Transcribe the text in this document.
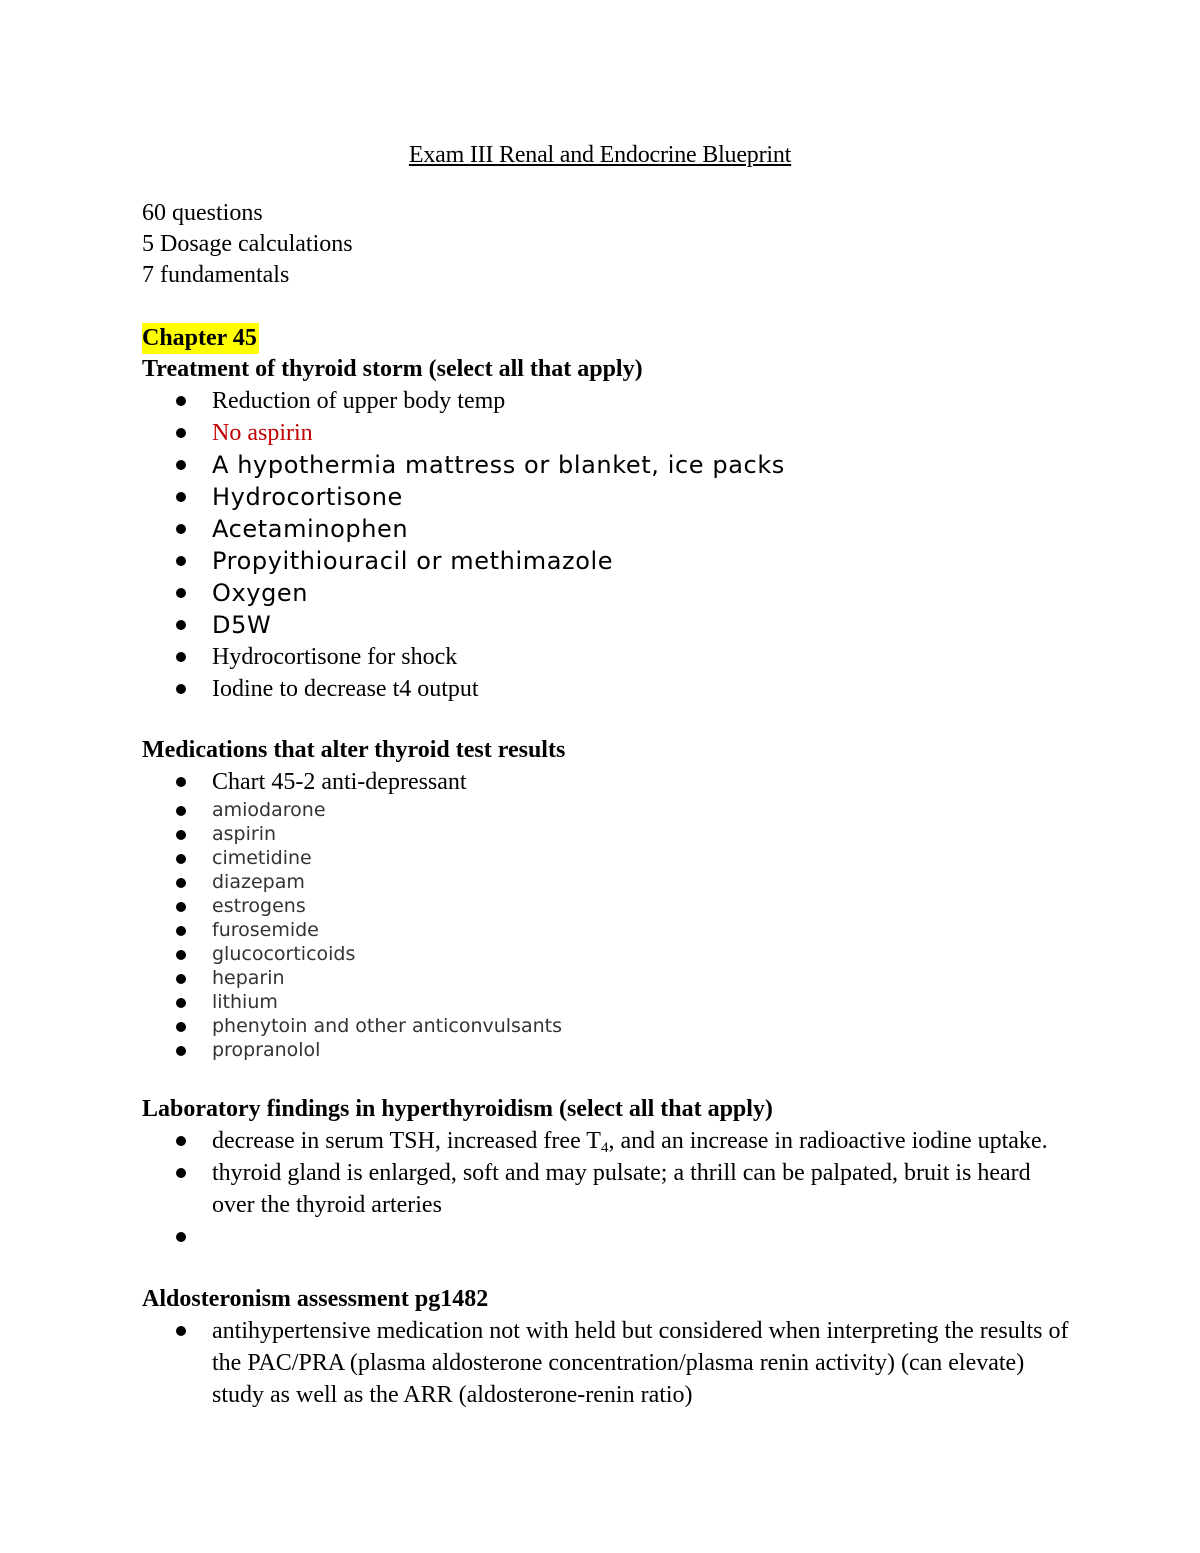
Exam III Renal and Endocrine Blueprint
60 questions
5 Dosage calculations
7 fundamentals
Chapter 45
Treatment of thyroid storm (select all that apply)
Reduction of upper body temp
No aspirin
A hypothermia mattress or blanket, ice packs
Hydrocortisone
Acetaminophen
Propyithiouracil or methimazole
Oxygen
D5W
Hydrocortisone for shock
Iodine to decrease t4 output
Medications that alter thyroid test results
Chart 45-2 anti-depressant
amiodarone
aspirin
cimetidine
diazepam
estrogens
furosemide
glucocorticoids
heparin
lithium
phenytoin and other anticonvulsants
propranolol
Laboratory findings in hyperthyroidism (select all that apply)
decrease in serum TSH, increased free $T_4$, and an increase in radioactive iodine uptake.
thyroid gland is enlarged, soft and may pulsate; a thrill can be palpated, bruit is heard over the thyroid arteries

Aldosteronism assessment pg1482
antihypertensive medication not with held but considered when interpreting the results of the PAC/PRA (plasma aldosterone concentration/plasma renin activity) (can elevate) study as well as the ARR (aldosterone-renin ratio)
